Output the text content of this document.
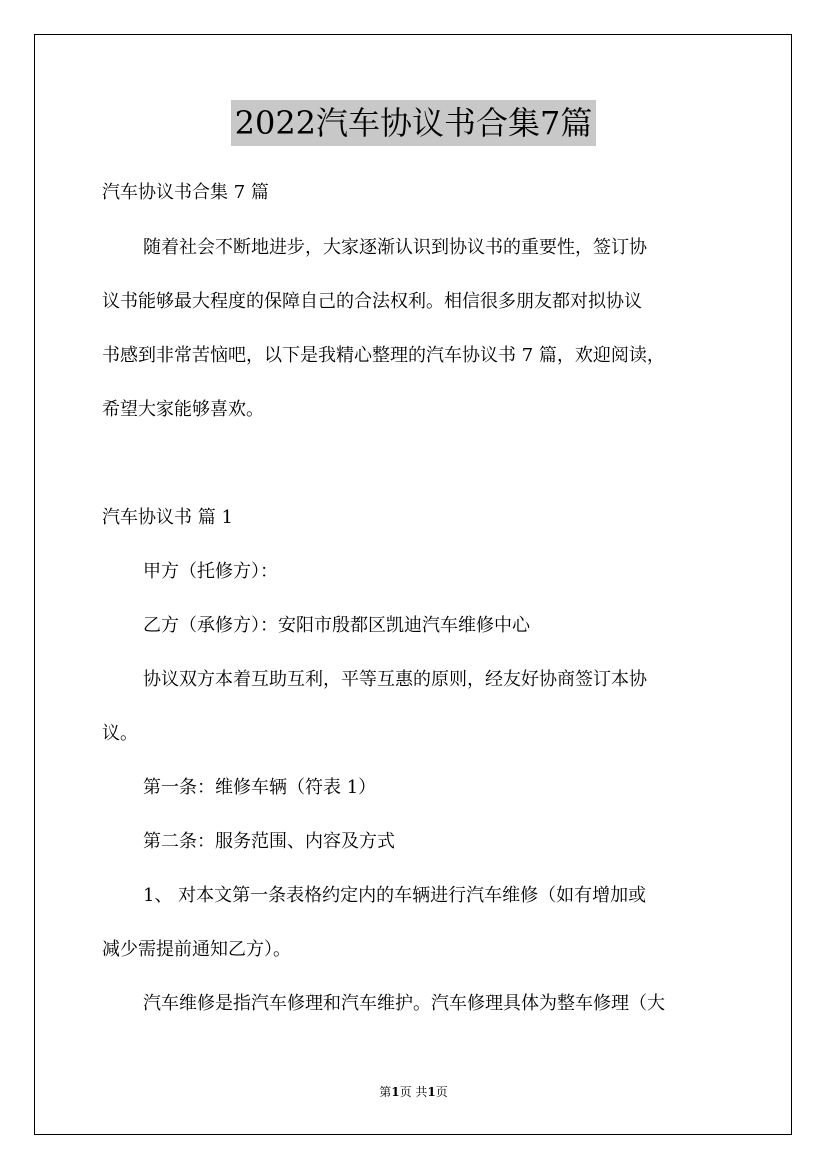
2022汽车协议书合集7篇

汽车协议书合集 7 篇

随着社会不断地进步，大家逐渐认识到协议书的重要性，签订协

议书能够最大程度的保障自己的合法权利。相信很多朋友都对拟协议

书感到非常苦恼吧，以下是我精心整理的汽车协议书 7 篇，欢迎阅读，

希望大家能够喜欢。

汽车协议书 篇 1

甲方（托修方）：

乙方（承修方）：安阳市殷都区凯迪汽车维修中心

协议双方本着互助互利，平等互惠的原则，经友好协商签订本协

议。

第一条：维修车辆（符表 1）

第二条：服务范围、内容及方式

1、 对本文第一条表格约定内的车辆进行汽车维修（如有增加或

减少需提前通知乙方）。

汽车维修是指汽车修理和汽车维护。汽车修理具体为整车修理（大

第1页 共1页
